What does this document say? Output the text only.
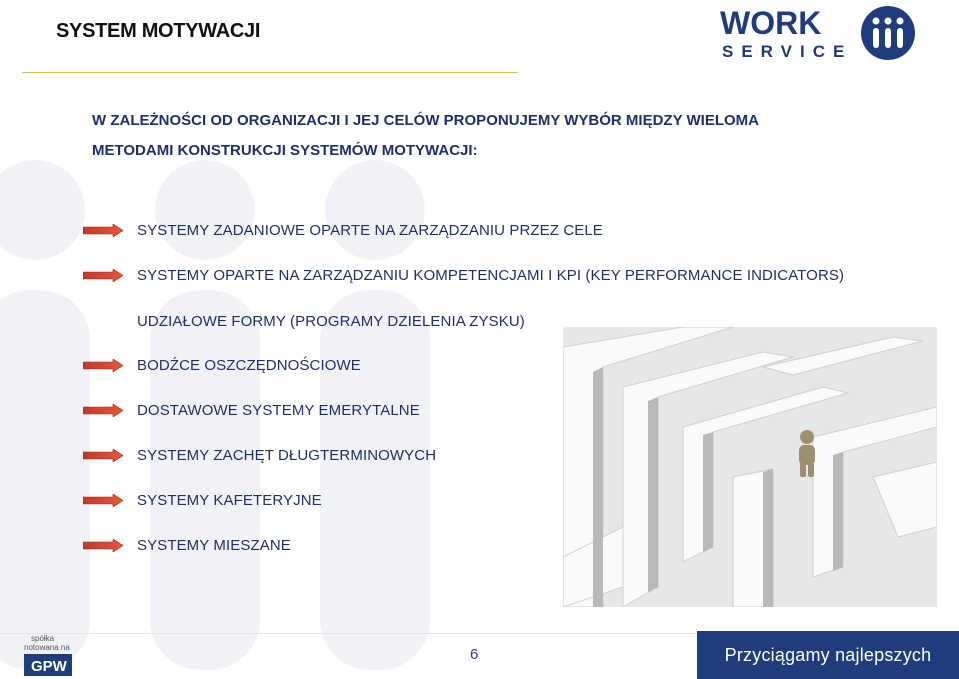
SYSTEM MOTYWACJI	WORK
SERVICE
W ZALEŻNOŚCI OD ORGANIZACJI I JEJ CELÓW PROPONUJEMY WYBÓR MIĘDZY WIELOMA
METODAMI KONSTRUKCJI SYSTEMÓW MOTYWACJI:
SYSTEMY ZADANIOWE OPARTE NA ZARZĄDZANIU PRZEZ CELE
SYSTEMY OPARTE NA ZARZĄDZANIU KOMPETENCJAMI I KPI (KEY PERFORMANCE INDICATORS)
UDZIAŁOWE FORMY (PROGRAMY DZIELENIA ZYSKU)
BODŹCE OSZCZĘDNOŚCIOWE
DOSTAWOWE SYSTEMY EMERYTALNE
SYSTEMY ZACHĘT DŁUGTERMINOWYCH
SYSTEMY KAFETERYJNE
SYSTEMY MIESZANE
spółka
notowana na
GPW
6	Przyciągamy najlepszych
